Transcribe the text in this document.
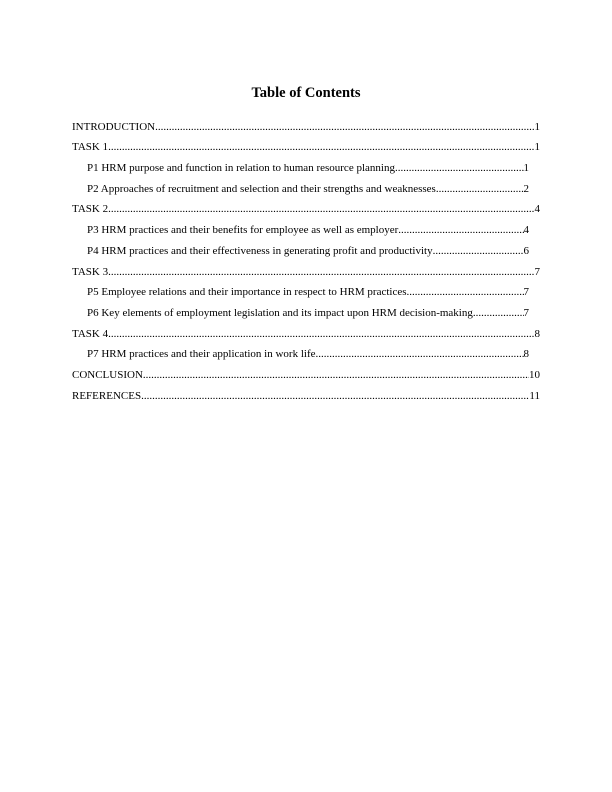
Table of Contents
INTRODUCTION .....	1
TASK 1 .....	1
P1 HRM purpose and function in relation to human resource planning. .....	1
P2 Approaches of recruitment and selection and their strengths and weaknesses .....	2
TASK 2 .....	4
P3 HRM practices and their benefits for employee as well as employer .....	4
P4 HRM practices and their effectiveness in generating profit and productivity .....	6
TASK 3 .....	7
P5 Employee relations and their importance in respect to HRM practices .....	7
P6 Key elements of employment legislation and its impact upon HRM decision-making .....	7
TASK 4 .....	8
P7 HRM practices and their application in work life .....	8
CONCLUSION .....	10
REFERENCES .....	11
